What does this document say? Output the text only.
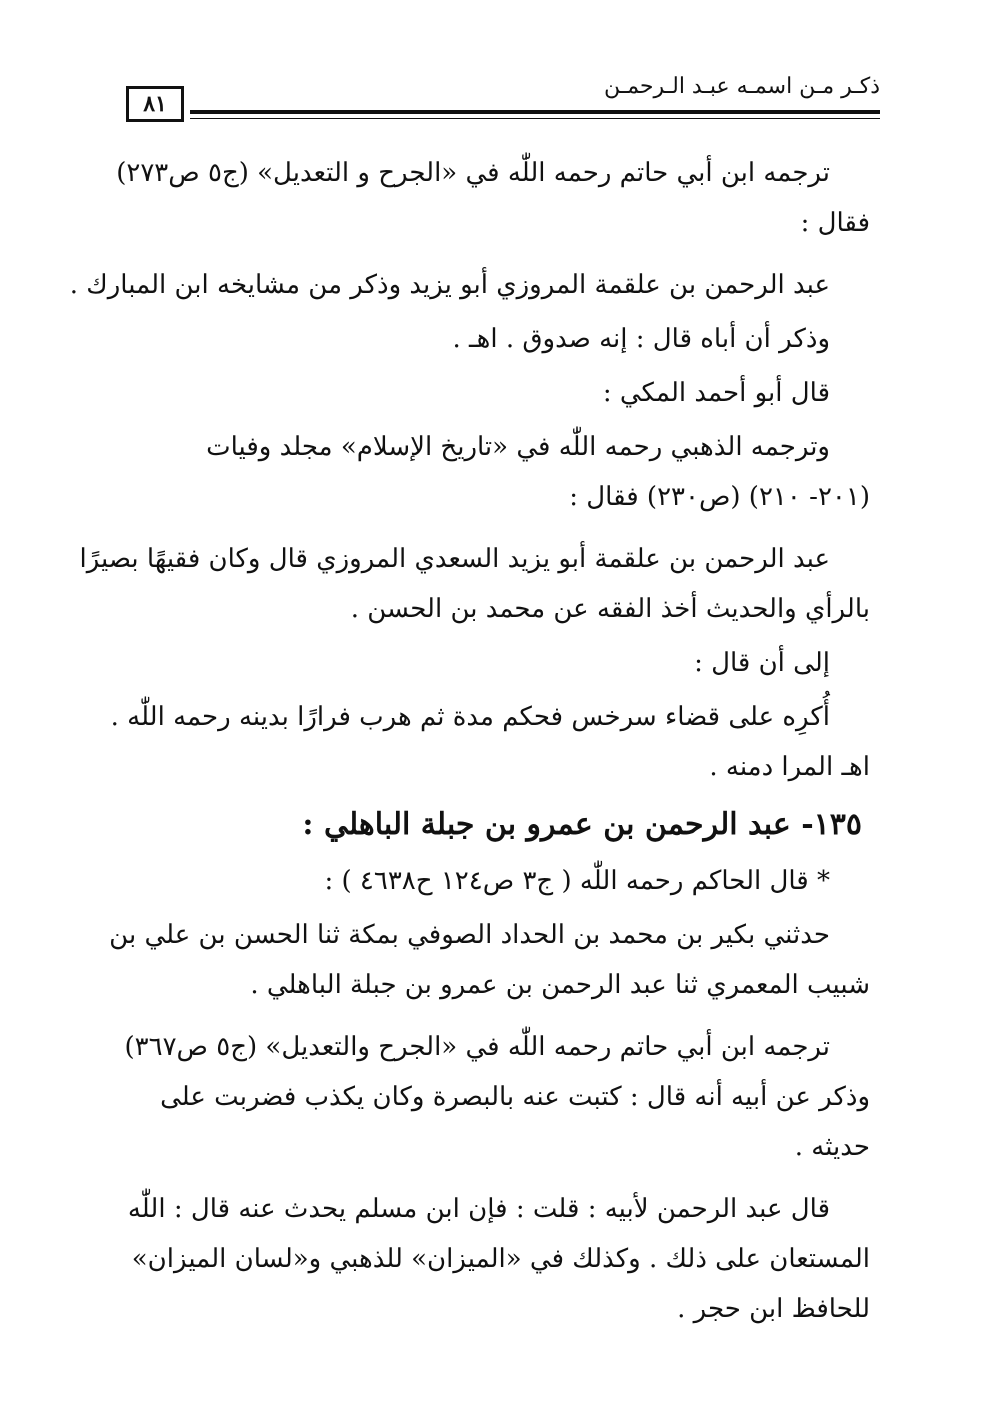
ذكـر مـن اسمـه عبـد الـرحمـن
٨١

ترجمه ابن أبي حاتم رحمه اللّٰه في «الجرح و التعديل» (ج٥ ص٢٧٣)
فقال :

عبد الرحمن بن علقمة المروزي أبو يزيد وذكر من مشايخه ابن المبارك .

وذكر أن أباه قال : إنه صدوق . اهـ .

قال أبو أحمد المكي :

وترجمه الذهبي رحمه اللّٰه في «تاريخ الإسلام» مجلد وفيات
(٢٠١- ٢١٠) (ص٢٣٠) فقال :

عبد الرحمن بن علقمة أبو يزيد السعدي المروزي قال وكان فقيهًا بصيرًا
بالرأي والحديث أخذ الفقه عن محمد بن الحسن .

إلى أن قال :

أُكرِه على قضاء سرخس فحكم مدة ثم هرب فرارًا بدينه رحمه اللّٰه .
اهـ المرا دمنه .

١٣٥- عبد الرحمن بن عمرو بن جبلة الباهلي :

* قال الحاكم رحمه اللّٰه ( ج٣ ص١٢٤ ح٤٦٣٨ ) :

حدثني بكير بن محمد بن الحداد الصوفي بمكة ثنا الحسن بن علي بن
شبيب المعمري ثنا عبد الرحمن بن عمرو بن جبلة الباهلي .

ترجمه ابن أبي حاتم رحمه اللّٰه في «الجرح والتعديل» (ج٥ ص٣٦٧)
وذكر عن أبيه أنه قال : كتبت عنه بالبصرة وكان يكذب فضربت على
حديثه .

قال عبد الرحمن لأبيه : قلت : فإن ابن مسلم يحدث عنه قال : اللّٰه
المستعان على ذلك . وكذلك في «الميزان» للذهبي و«لسان الميزان»
للحافظ ابن حجر .
